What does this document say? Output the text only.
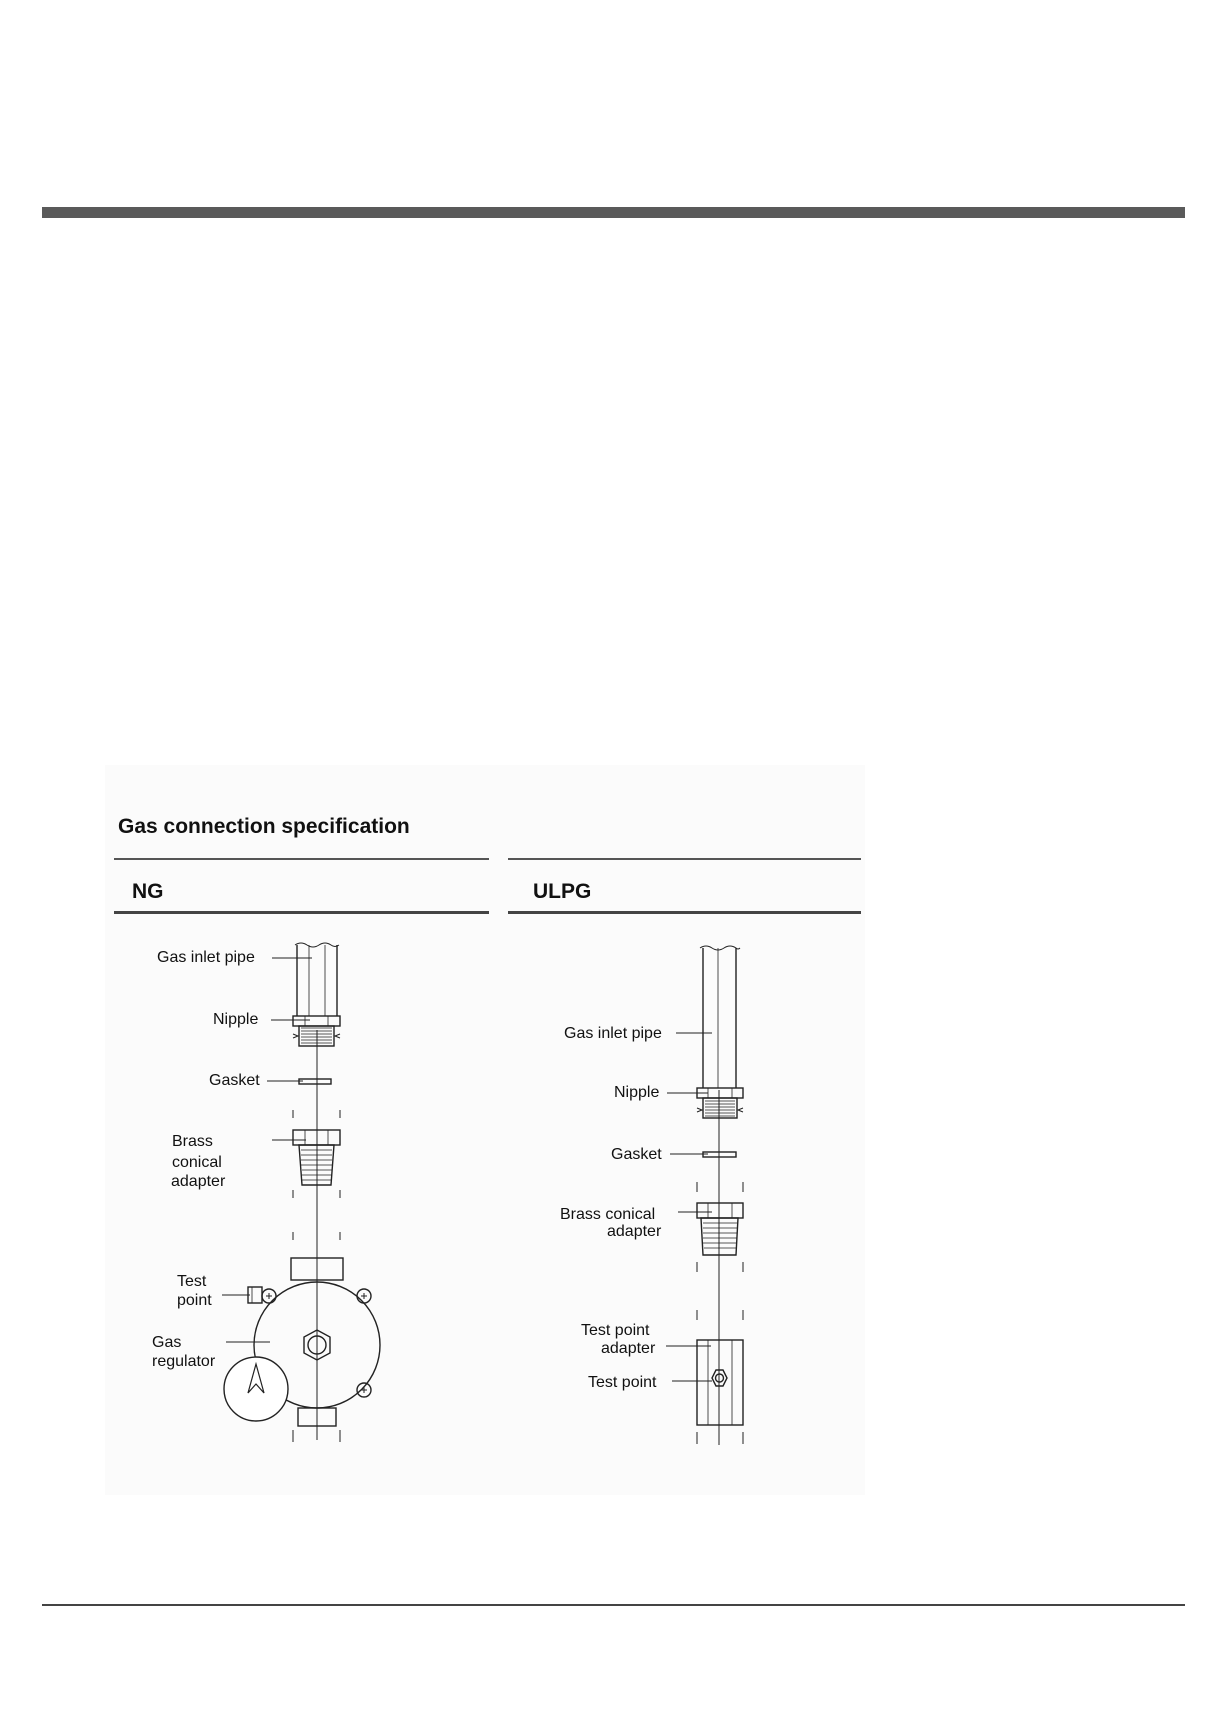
Gas connection specification
NG	ULPG
Gas inlet pipe
Nipple
Gasket
Brass
conical
adapter
Test
point
Gas
regulator
Gas inlet pipe
Nipple
Gasket
Brass conical
adapter
Test point
adapter
Test point
